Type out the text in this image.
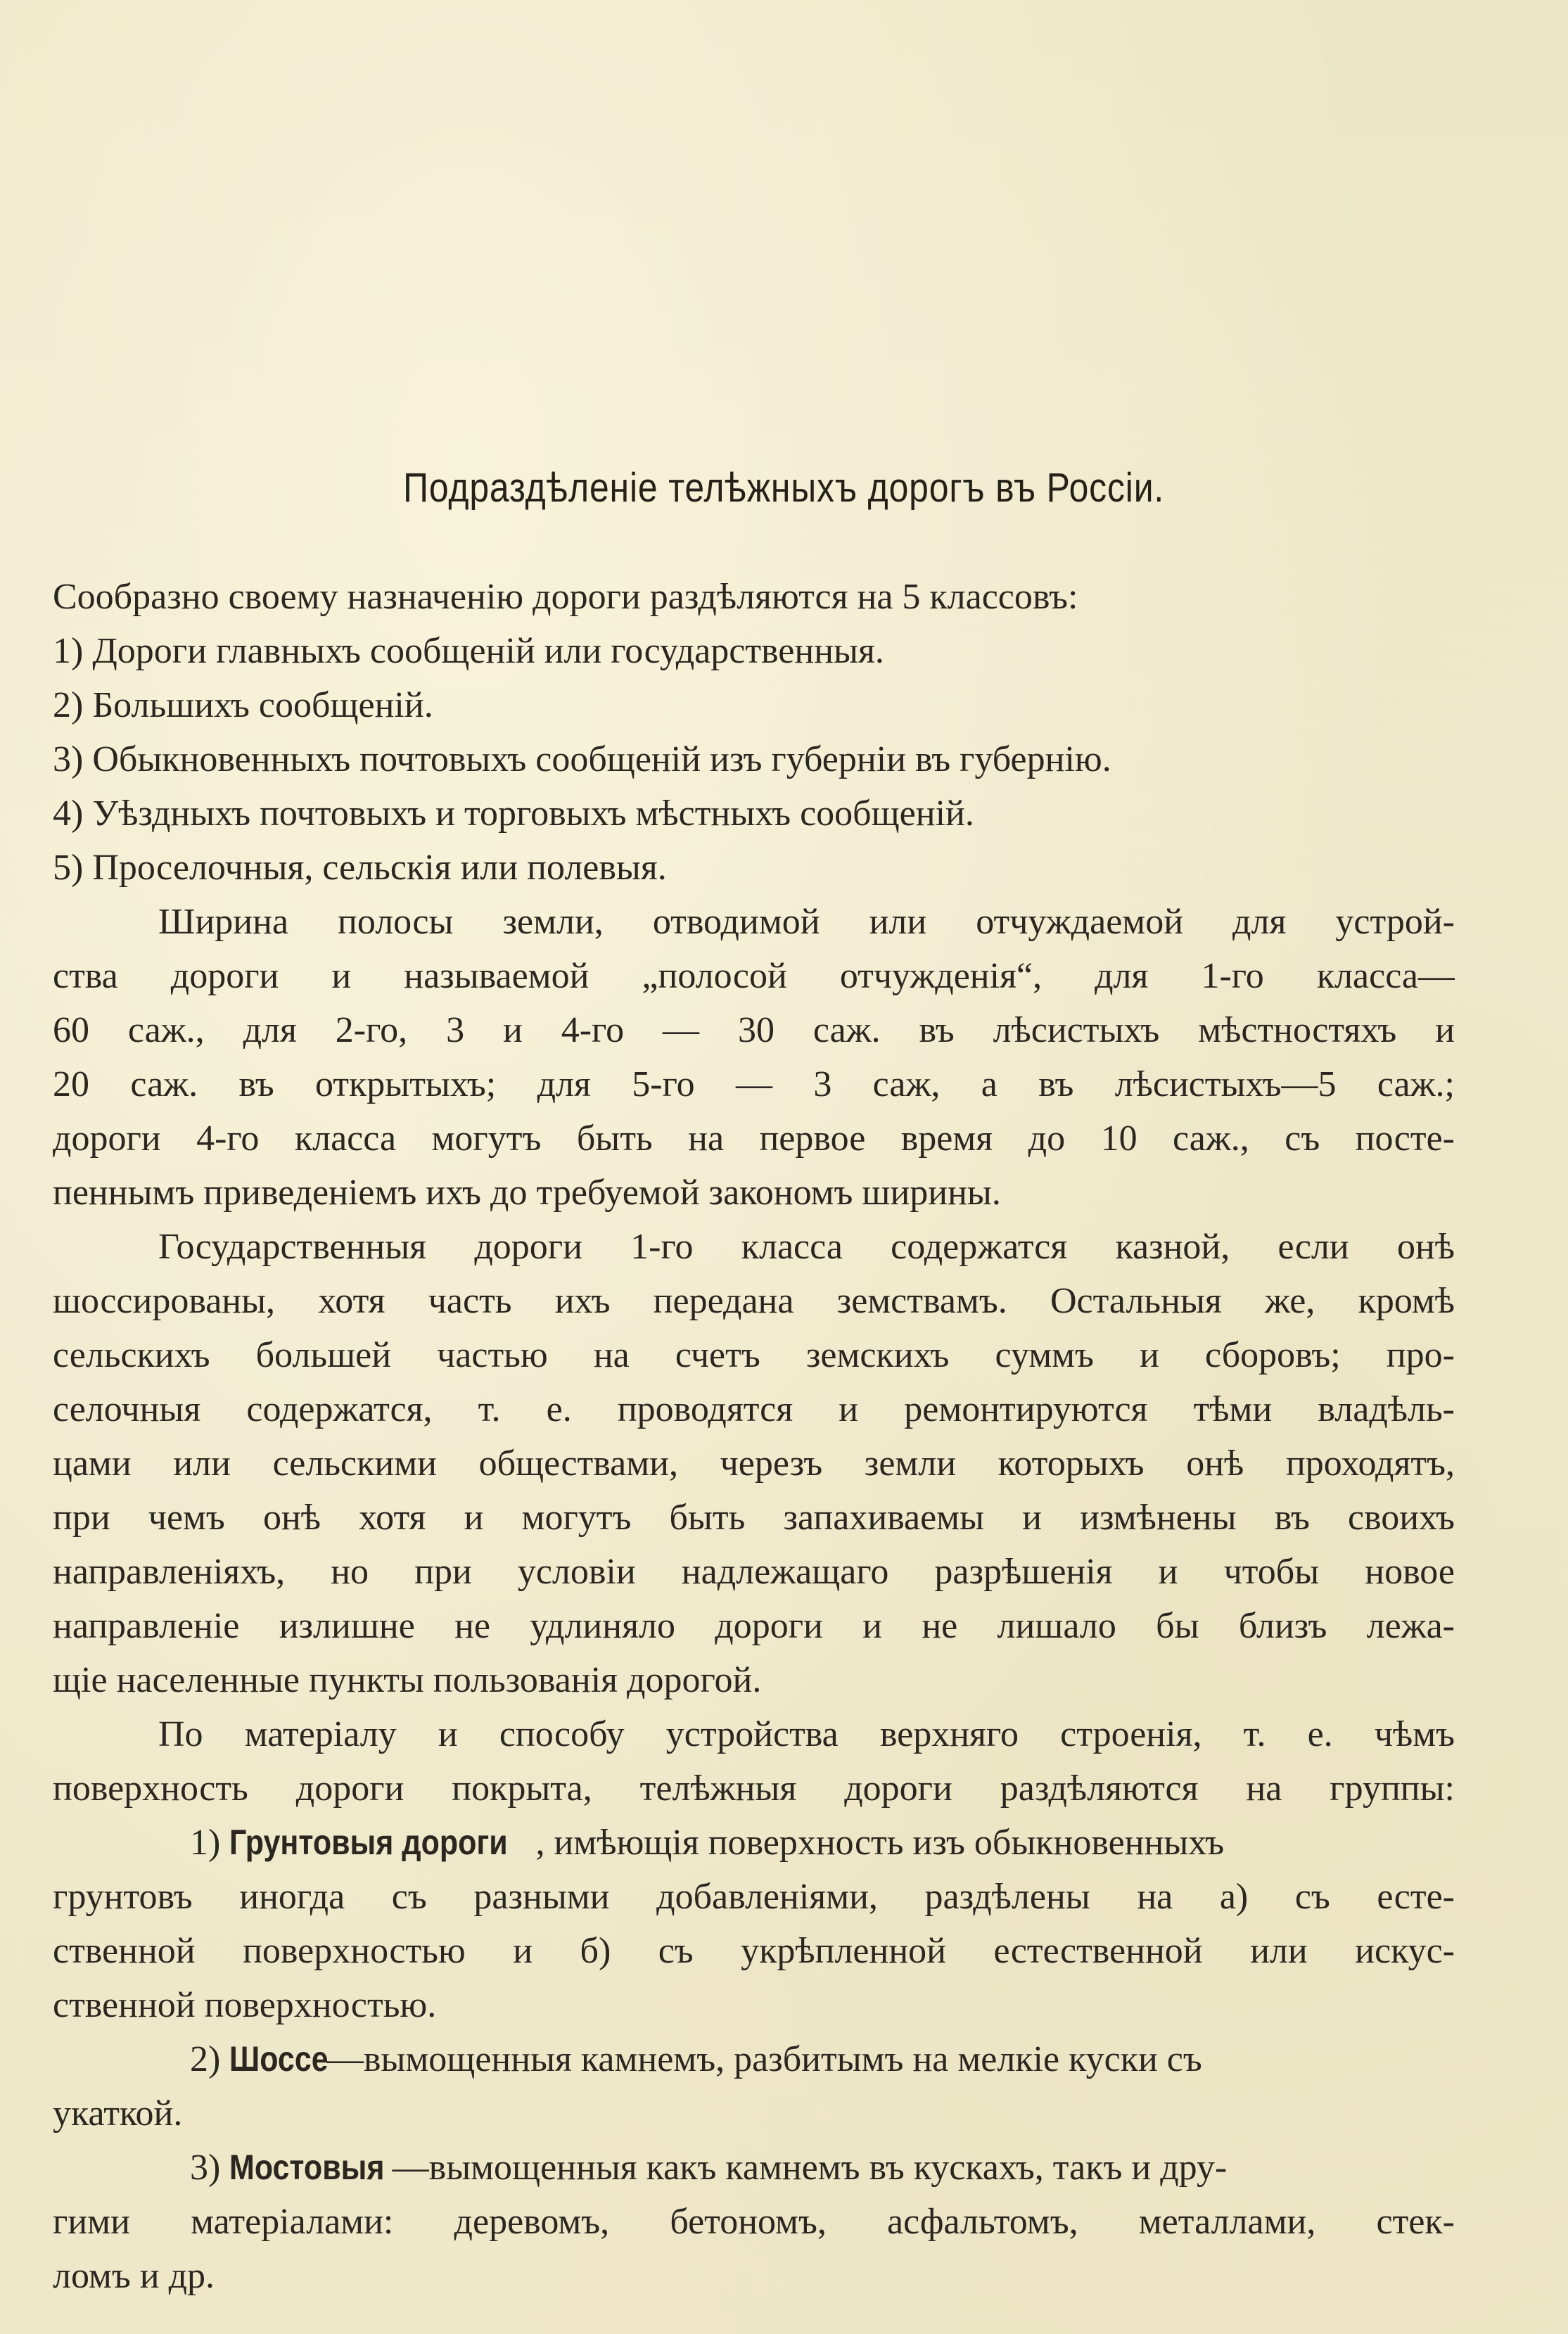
Подраздѣленіе телѣжныхъ дорогъ въ Россіи.
Сообразно своему назначенію дороги раздѣляются на 5 классовъ:
1) Дороги главныхъ сообщеній или государственныя.
2) Большихъ сообщеній.
3) Обыкновенныхъ почтовыхъ сообщеній изъ губерніи въ губернію.
4) Уѣздныхъ почтовыхъ и торговыхъ мѣстныхъ сообщеній.
5) Проселочныя, сельскія или полевыя.
Ширина полосы земли, отводимой или отчуждаемой для устрой-
ства дороги и называемой „полосой отчужденія“, для 1-го класса—
60 саж., для 2-го, 3 и 4-го — 30 саж. въ лѣсистыхъ мѣстностяхъ и
20 саж. въ открытыхъ; для 5-го — 3 саж, а въ лѣсистыхъ—5 саж.;
дороги 4-го класса могутъ быть на первое время до 10 саж., съ посте-
пеннымъ приведеніемъ ихъ до требуемой закономъ ширины.
Государственныя дороги 1-го класса содержатся казной, если онѣ
шоссированы, хотя часть ихъ передана земствамъ. Остальныя же, кромѣ
сельскихъ большей частью на счетъ земскихъ суммъ и сборовъ; про-
селочныя содержатся, т. е. проводятся и ремонтируются тѣми владѣль-
цами или сельскими обществами, черезъ земли которыхъ онѣ проходятъ,
при чемъ онѣ хотя и могутъ быть запахиваемы и измѣнены въ своихъ
направленіяхъ, но при условіи надлежащаго разрѣшенія и чтобы новое
направленіе излишне не удлиняло дороги и не лишало бы близъ лежа-
щіе населенные пункты пользованія дорогой.
По матеріалу и способу устройства верхняго строенія, т. е. чѣмъ
поверхность дороги покрыта, телѣжныя дороги раздѣляются на группы:
1) Грунтовыя дороги , имѣющія поверхность изъ обыкновенныхъ
грунтовъ иногда съ разными добавленіями, раздѣлены на а) съ есте-
ственной поверхностью и б) съ укрѣпленной естественной или искус-
ственной поверхностью.
2) Шоссе—вымощенныя камнемъ, разбитымъ на мелкіе куски съ
укаткой.
3) Мостовыя —вымощенныя какъ камнемъ въ кускахъ, такъ и дру-
гими матеріалами: деревомъ, бетономъ, асфальтомъ, металлами, стек-
ломъ и др.
